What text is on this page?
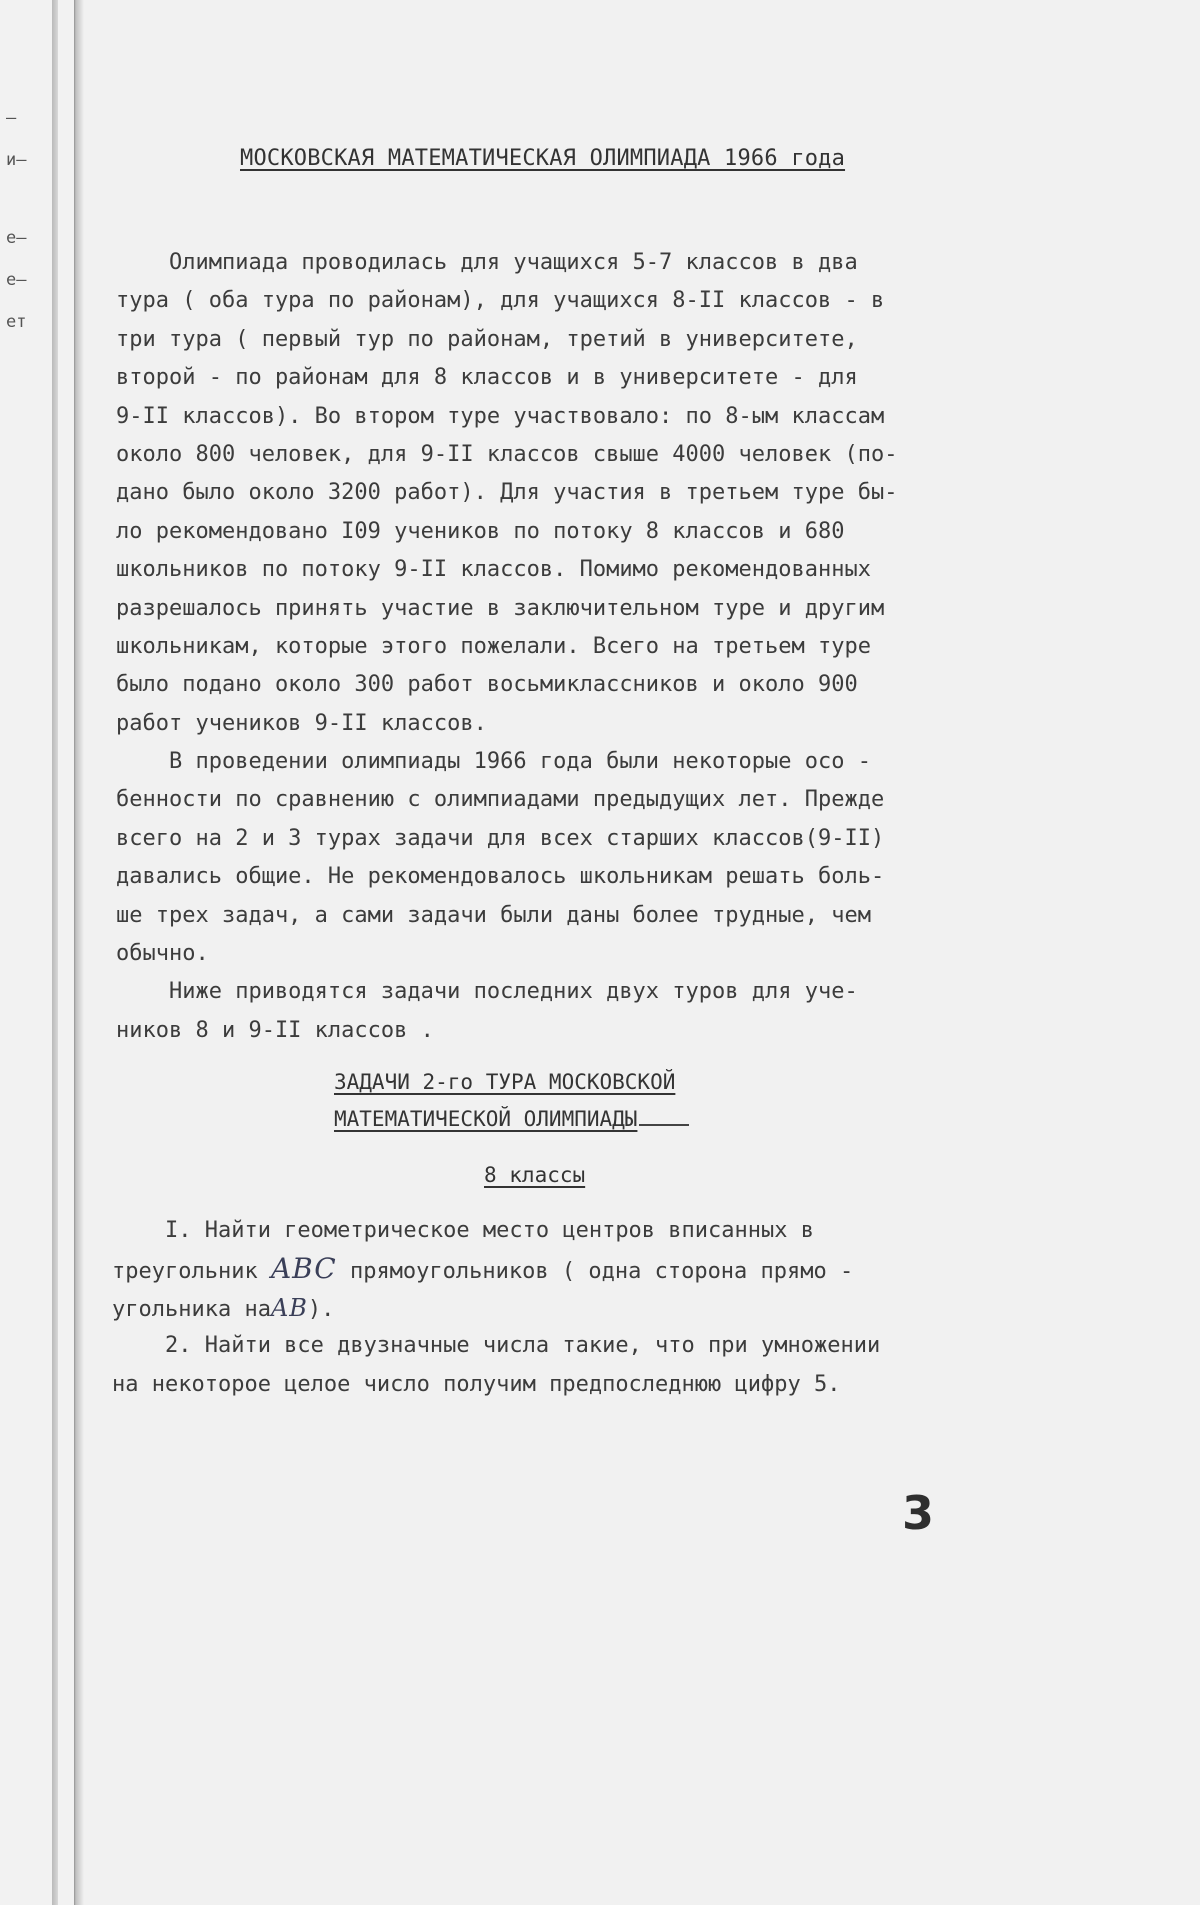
—
и—
е—
е—
ет
МОСКОВСКАЯ МАТЕМАТИЧЕСКАЯ ОЛИМПИАДА 1966 года
Олимпиада проводилась для учащихся 5-7 классов в два
тура ( оба тура по районам), для учащихся 8-II классов - в
три тура ( первый тур по районам, третий в университете,
второй - по районам для 8 классов и в университете - для
9-II классов). Во втором туре участвовало: по 8-ым классам
около 800 человек, для 9-II классов свыше 4000 человек (по-
дано было около 3200 работ). Для участия в третьем туре бы-
ло рекомендовано I09 учеников по потоку 8 классов и 680
школьников по потоку 9-II классов. Помимо рекомендованных
разрешалось принять участие в заключительном туре и другим
школьникам, которые этого пожелали. Всего на третьем туре
было подано около 300 работ восьмиклассников и около 900
работ учеников 9-II классов.
В проведении олимпиады 1966 года были некоторые осо -
бенности по сравнению с олимпиадами предыдущих лет. Прежде
всего на 2 и 3 турах задачи для всех старших классов(9-II)
давались общие. Не рекомендовалось школьникам решать боль-
ше трех задач, а сами задачи были даны более трудные, чем
обычно.
Ниже приводятся задачи последних двух туров для уче-
ников 8 и 9-II классов .
ЗАДАЧИ 2-го ТУРА МОСКОВСКОЙ
МАТЕМАТИЧЕСКОЙ ОЛИМПИАДЫ
8 классы
I. Найти геометрическое место центров вписанных в
треугольник ABC прямоугольников ( одна сторона прямо -
угольника наAB).
2. Найти все двузначные числа такие, что при умножении
на некоторое целое число получим предпоследнюю цифру 5.
3
